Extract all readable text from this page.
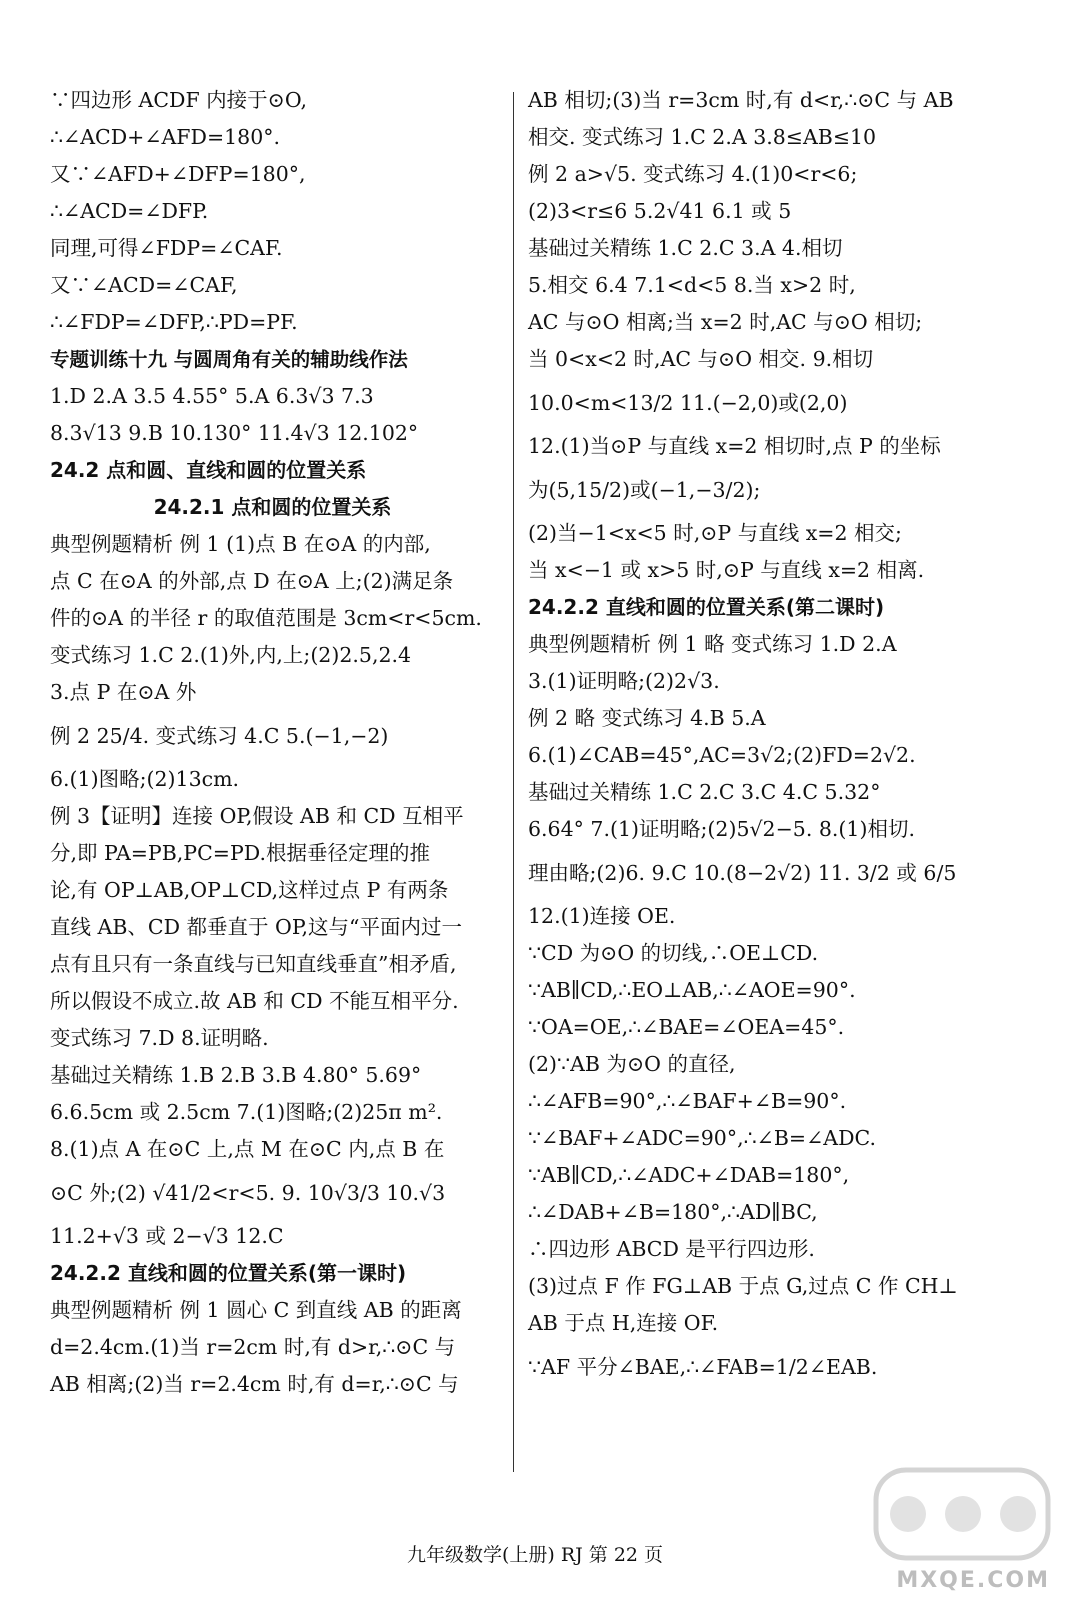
∵四边形 ACDF 内接于⊙O,
∴∠ACD+∠AFD=180°.
又∵∠AFD+∠DFP=180°,
∴∠ACD=∠DFP.
同理,可得∠FDP=∠CAF.
又∵∠ACD=∠CAF,
∴∠FDP=∠DFP,∴PD=PF.
专题训练十九 与圆周角有关的辅助线作法
1.D 2.A 3.5 4.55° 5.A 6.3√3 7.3
8.3√13 9.B 10.130° 11.4√3 12.102°
24.2 点和圆、直线和圆的位置关系
24.2.1 点和圆的位置关系
典型例题精析 例 1 (1)点 B 在⊙A 的内部,
点 C 在⊙A 的外部,点 D 在⊙A 上;(2)满足条
件的⊙A 的半径 r 的取值范围是 3cm<r<5cm.
变式练习 1.C 2.(1)外,内,上;(2)2.5,2.4
3.点 P 在⊙A 外
例 2 25/4. 变式练习 4.C 5.(−1,−2)
6.(1)图略;(2)13cm.
例 3【证明】连接 OP,假设 AB 和 CD 互相平
分,即 PA=PB,PC=PD.根据垂径定理的推
论,有 OP⊥AB,OP⊥CD,这样过点 P 有两条
直线 AB、CD 都垂直于 OP,这与“平面内过一
点有且只有一条直线与已知直线垂直”相矛盾,
所以假设不成立.故 AB 和 CD 不能互相平分.
变式练习 7.D 8.证明略.
基础过关精练 1.B 2.B 3.B 4.80° 5.69°
6.6.5cm 或 2.5cm 7.(1)图略;(2)25π m².
8.(1)点 A 在⊙C 上,点 M 在⊙C 内,点 B 在
⊙C 外;(2) √41/2<r<5. 9. 10√3/3 10.√3
11.2+√3 或 2−√3 12.C
24.2.2 直线和圆的位置关系(第一课时)
典型例题精析 例 1 圆心 C 到直线 AB 的距离
d=2.4cm.(1)当 r=2cm 时,有 d>r,∴⊙C 与
AB 相离;(2)当 r=2.4cm 时,有 d=r,∴⊙C 与
AB 相切;(3)当 r=3cm 时,有 d<r,∴⊙C 与 AB
相交. 变式练习 1.C 2.A 3.8≤AB≤10
例 2 a>√5. 变式练习 4.(1)0<r<6;
(2)3<r≤6 5.2√41 6.1 或 5
基础过关精练 1.C 2.C 3.A 4.相切
5.相交 6.4 7.1<d<5 8.当 x>2 时,
AC 与⊙O 相离;当 x=2 时,AC 与⊙O 相切;
当 0<x<2 时,AC 与⊙O 相交. 9.相切
10.0<m<13/2 11.(−2,0)或(2,0)
12.(1)当⊙P 与直线 x=2 相切时,点 P 的坐标
为(5,15/2)或(−1,−3/2);
(2)当−1<x<5 时,⊙P 与直线 x=2 相交;
当 x<−1 或 x>5 时,⊙P 与直线 x=2 相离.
24.2.2 直线和圆的位置关系(第二课时)
典型例题精析 例 1 略 变式练习 1.D 2.A
3.(1)证明略;(2)2√3.
例 2 略 变式练习 4.B 5.A
6.(1)∠CAB=45°,AC=3√2;(2)FD=2√2.
基础过关精练 1.C 2.C 3.C 4.C 5.32°
6.64° 7.(1)证明略;(2)5√2−5. 8.(1)相切.
理由略;(2)6. 9.C 10.(8−2√2) 11. 3/2 或 6/5
12.(1)连接 OE.
∵CD 为⊙O 的切线,∴OE⊥CD.
∵AB∥CD,∴EO⊥AB,∴∠AOE=90°.
∵OA=OE,∴∠BAE=∠OEA=45°.
(2)∵AB 为⊙O 的直径,
∴∠AFB=90°,∴∠BAF+∠B=90°.
∵∠BAF+∠ADC=90°,∴∠B=∠ADC.
∵AB∥CD,∴∠ADC+∠DAB=180°,
∴∠DAB+∠B=180°,∴AD∥BC,
∴四边形 ABCD 是平行四边形.
(3)过点 F 作 FG⊥AB 于点 G,过点 C 作 CH⊥
AB 于点 H,连接 OF.
∵AF 平分∠BAE,∴∠FAB=1/2∠EAB.
九年级数学(上册) RJ 第 22 页
MXQE.COM
